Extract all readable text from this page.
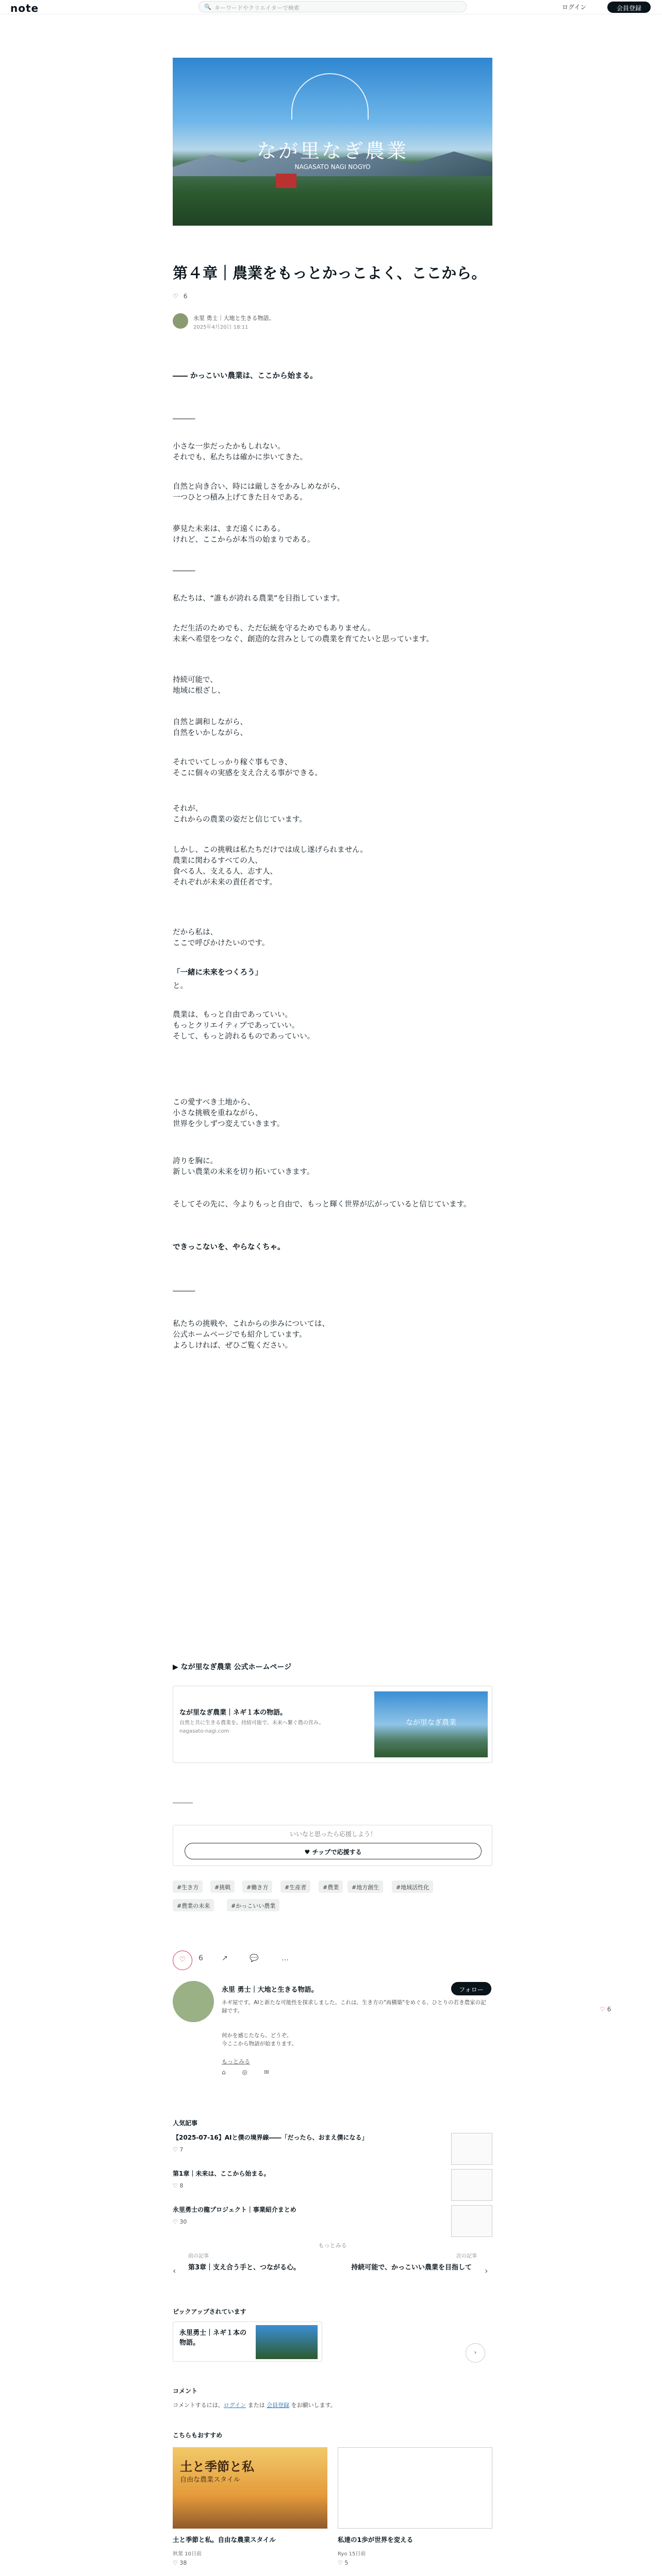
note	🔍 キーワードやクリエイターで検索	ログイン	会員登録
なが里なぎ農業
NAGASATO NAGI NOGYO
第４章｜農業をもっとかっこよく、ここから。
♡ 6
永里 勇士｜大地と生きる物語。
2025年4月20日 18:11
―― かっこいい農業は、ここから始まる。
―――
小さな一歩だったかもしれない。
それでも、私たちは確かに歩いてきた。
自然と向き合い、時には厳しさをかみしめながら、
一つひとつ積み上げてきた日々である。
夢見た未来は、まだ遠くにある。
けれど、ここからが本当の始まりである。
―――
私たちは、“誰もが誇れる農業”を目指しています。
ただ生活のためでも、ただ伝統を守るためでもありません。
未来へ希望をつなぐ、創造的な営みとしての農業を育てたいと思っています。
持続可能で、
地域に根ざし、
自然と調和しながら、
自然をいかしながら、
それでいてしっかり稼ぐ事もでき、
そこに個々の実感を支え合える事ができる。
それが、
これからの農業の姿だと信じています。
しかし、この挑戦は私たちだけでは成し遂げられません。
農業に関わるすべての人、
食べる人、支える人、志す人、
それぞれが未来の責任者です。
だから私は、
ここで呼びかけたいのです。
「一緒に未来をつくろう」
と。
農業は、もっと自由であっていい。
もっとクリエイティブであっていい。
そして、もっと誇れるものであっていい。
この愛すべき土地から、
小さな挑戦を重ねながら、
世界を少しずつ変えていきます。
誇りを胸に。
新しい農業の未来を切り拓いていきます。
そしてその先に、今よりもっと自由で、もっと輝く世界が広がっていると信じています。
できっこないを、やらなくちゃ。
―――
私たちの挑戦や、これからの歩みについては、
公式ホームページでも紹介しています。
よろしければ、ぜひご覧ください。
▶ なが里なぎ農業 公式ホームページ
なが里なぎ農業｜ネギ１本の物語。
自然と共に生きる農業を。持続可能で、未来へ繋ぐ農の営み。
nagasato-nagi.com
なが里なぎ農業
―――
いいなと思ったら応援しよう！
♥ チップで応援する
#生き方	#挑戦	#働き方	#生産者	#農業	#地方創生	#地域活性化
#農業の未来	#かっこいい農業
♡	6	↗	💬	…
永里 勇士｜大地と生きる物語。	フォロー
ネギ屋です。AIと新たな可能性を探求しました。これは、生き方の"再構築"をめぐる、ひとりの若き農家の記録です。
何かを感じたなら、どうぞ。
今ここから物語が始まります。
もっとみる
⌂ ◎ ✉
♡ 6
人気記事
【2025-07-16】AIと僕の境界線――「だったら、おまえ僕になる」
♡ 7
第1章｜未来は、ここから始まる。
♡ 8
永里勇士の龍プロジェクト｜事業紹介まとめ
♡ 30
もっとみる
前の記事
‹ 第3章｜支え合う手と、つながる心。
次の記事
持続可能で、かっこいい農業を目指して ›
ピックアップされています
永里勇士｜ネギ１本の物語。
›
コメント
コメントするには、ログイン または 会員登録 をお願いします。
こちらもおすすめ
土と季節と私
自由な農業スタイル
土と季節と私。自由な農業スタイル
秋葉 10日前
♡ 38
私達の1歩が世界を変える
Ryo 15日前
♡ 5
